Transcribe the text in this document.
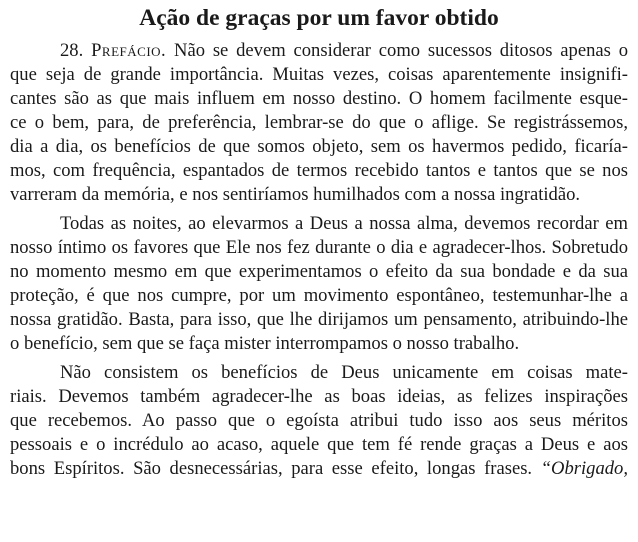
Ação de graças por um favor obtido
28. Prefácio. Não se devem considerar como sucessos ditosos apenas o
que seja de grande importância. Muitas vezes, coisas aparentemente insignifi-
cantes são as que mais influem em nosso destino. O homem facilmente esque-
ce o bem, para, de preferência, lembrar-se do que o aflige. Se registrássemos,
dia a dia, os benefícios de que somos objeto, sem os havermos pedido, ficaría-
mos, com frequência, espantados de termos recebido tantos e tantos que se nos
varreram da memória, e nos sentiríamos humilhados com a nossa ingratidão.
Todas as noites, ao elevarmos a Deus a nossa alma, devemos recordar em
nosso íntimo os favores que Ele nos fez durante o dia e agradecer-lhos. Sobretudo
no momento mesmo em que experimentamos o efeito da sua bondade e da sua
proteção, é que nos cumpre, por um movimento espontâneo, testemunhar-lhe a
nossa gratidão. Basta, para isso, que lhe dirijamos um pensamento, atribuindo-lhe
o benefício, sem que se faça mister interrompamos o nosso trabalho.
Não consistem os benefícios de Deus unicamente em coisas mate-
riais. Devemos também agradecer-lhe as boas ideias, as felizes inspirações
que recebemos. Ao passo que o egoísta atribui tudo isso aos seus méritos
pessoais e o incrédulo ao acaso, aquele que tem fé rende graças a Deus e aos
bons Espíritos. São desnecessárias, para esse efeito, longas frases. “Obrigado,
